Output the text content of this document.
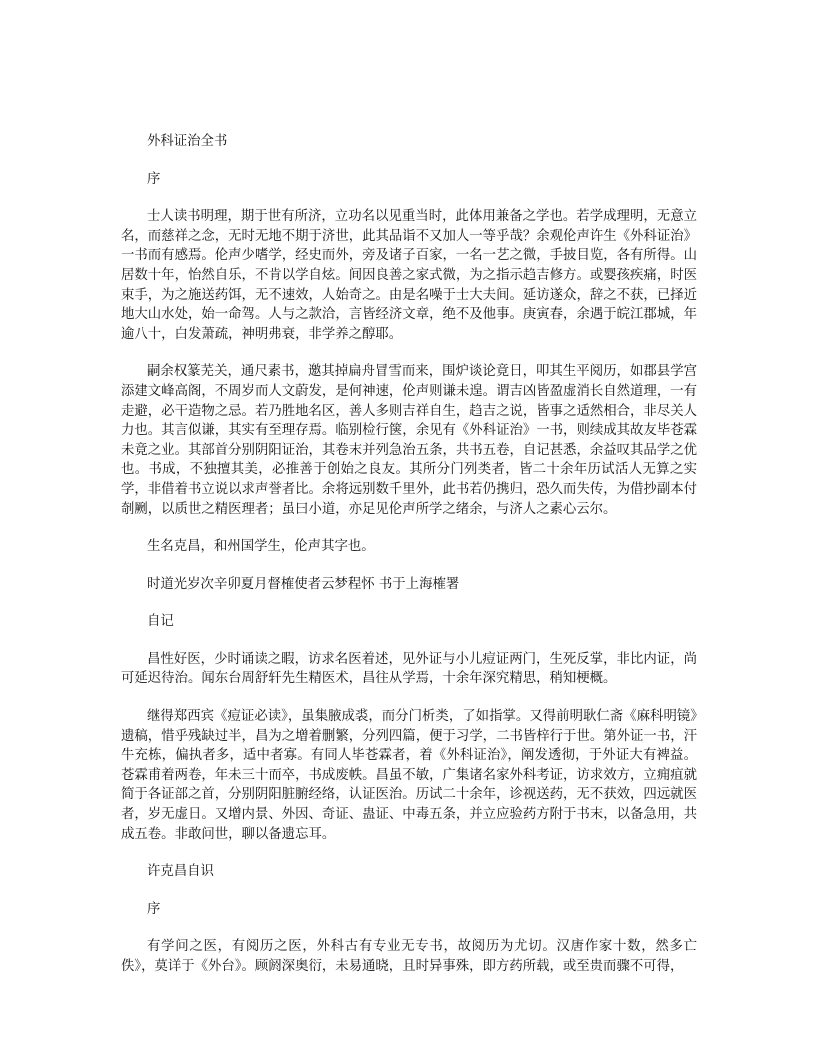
外科证治全书

序

士人读书明理，期于世有所济，立功名以见重当时，此体用兼备之学也。若学成理明，无意立名，而慈祥之念，无时无地不期于济世，此其品诣不又加人一等乎哉？余观伦声许生《外科证治》一书而有感焉。伦声少嗜学，经史而外，旁及诸子百家，一名一艺之微，手披目览，各有所得。山居数十年，怡然自乐，不肯以学自炫。间因良善之家式微，为之指示趋吉修方。或婴孩疾痛，时医束手，为之施送药饵，无不速效，人始奇之。由是名噪于士大夫间。延访遂众，辞之不获，已择近地大山水处，始一命驾。人与之款洽，言皆经济文章，绝不及他事。庚寅春，余遇于皖江郡城，年逾八十，白发萧疏，神明弗衰，非学养之醇耶。

嗣余权篆芜关，通尺素书，邀其掉扁舟冒雪而来，围炉谈论竟日，叩其生平阅历，如郡县学宫添建文峰高阁，不周岁而人文蔚发，是何神速，伦声则谦未遑。谓吉凶皆盈虚消长自然道理，一有走避，必干造物之忌。若乃胜地名区，善人多则吉祥自生，趋吉之说，皆事之适然相合，非尽关人力也。其言似谦，其实有至理存焉。临别检行箧，余见有《外科证治》一书，则续成其故友毕苍霖未竟之业。其部首分别阴阳证治，其卷末并列急治五条，共书五卷，自记甚悉，余益叹其品学之优也。书成，不独擅其美，必推善于创始之良友。其所分门列类者，皆二十余年历试活人无算之实学，非借着书立说以求声誉者比。余将远别数千里外，此书若仍携归，恐久而失传，为借抄副本付剞劂，以质世之精医理者；虽曰小道，亦足见伦声所学之绪余，与济人之素心云尔。

生名克昌，和州国学生，伦声其字也。

时道光岁次辛卯夏月督榷使者云梦程怀 书于上海榷署

自记

昌性好医，少时诵读之暇，访求名医着述，见外证与小儿痘证两门，生死反掌，非比内证，尚可延迟待治。闻东台周舒轩先生精医术，昌往从学焉，十余年深究精思，稍知梗概。

继得郑西宾《痘证必读》，虽集腋成裘，而分门析类，了如指掌。又得前明耿仁斋《麻科明镜》遗稿，惜乎残缺过半，昌为之增着删繁，分列四篇，便于习学，二书皆梓行于世。第外证一书，汗牛充栋，偏执者多，适中者寡。有同人毕苍霖者，着《外科证治》，阐发透彻，于外证大有裨益。苍霖甫着两卷，年未三十而卒，书成废帙。昌虽不敏，广集诸名家外科考证，访求效方，立痈疽就简于各证部之首，分别阴阳脏腑经络，认证医治。历试二十余年，诊视送药，无不获效，四远就医者，岁无虚日。又增内景、外因、奇证、蛊证、中毒五条，并立应验药方附于书末，以备急用，共成五卷。非敢问世，聊以备遗忘耳。

许克昌自识

序

有学问之医，有阅历之医，外科古有专业无专书，故阅历为尤切。汉唐作家十数，然多亡佚》，莫详于《外台》。顾阏深奥衍，未易通晓，且时异事殊，即方药所载，或至贵而骤不可得，
